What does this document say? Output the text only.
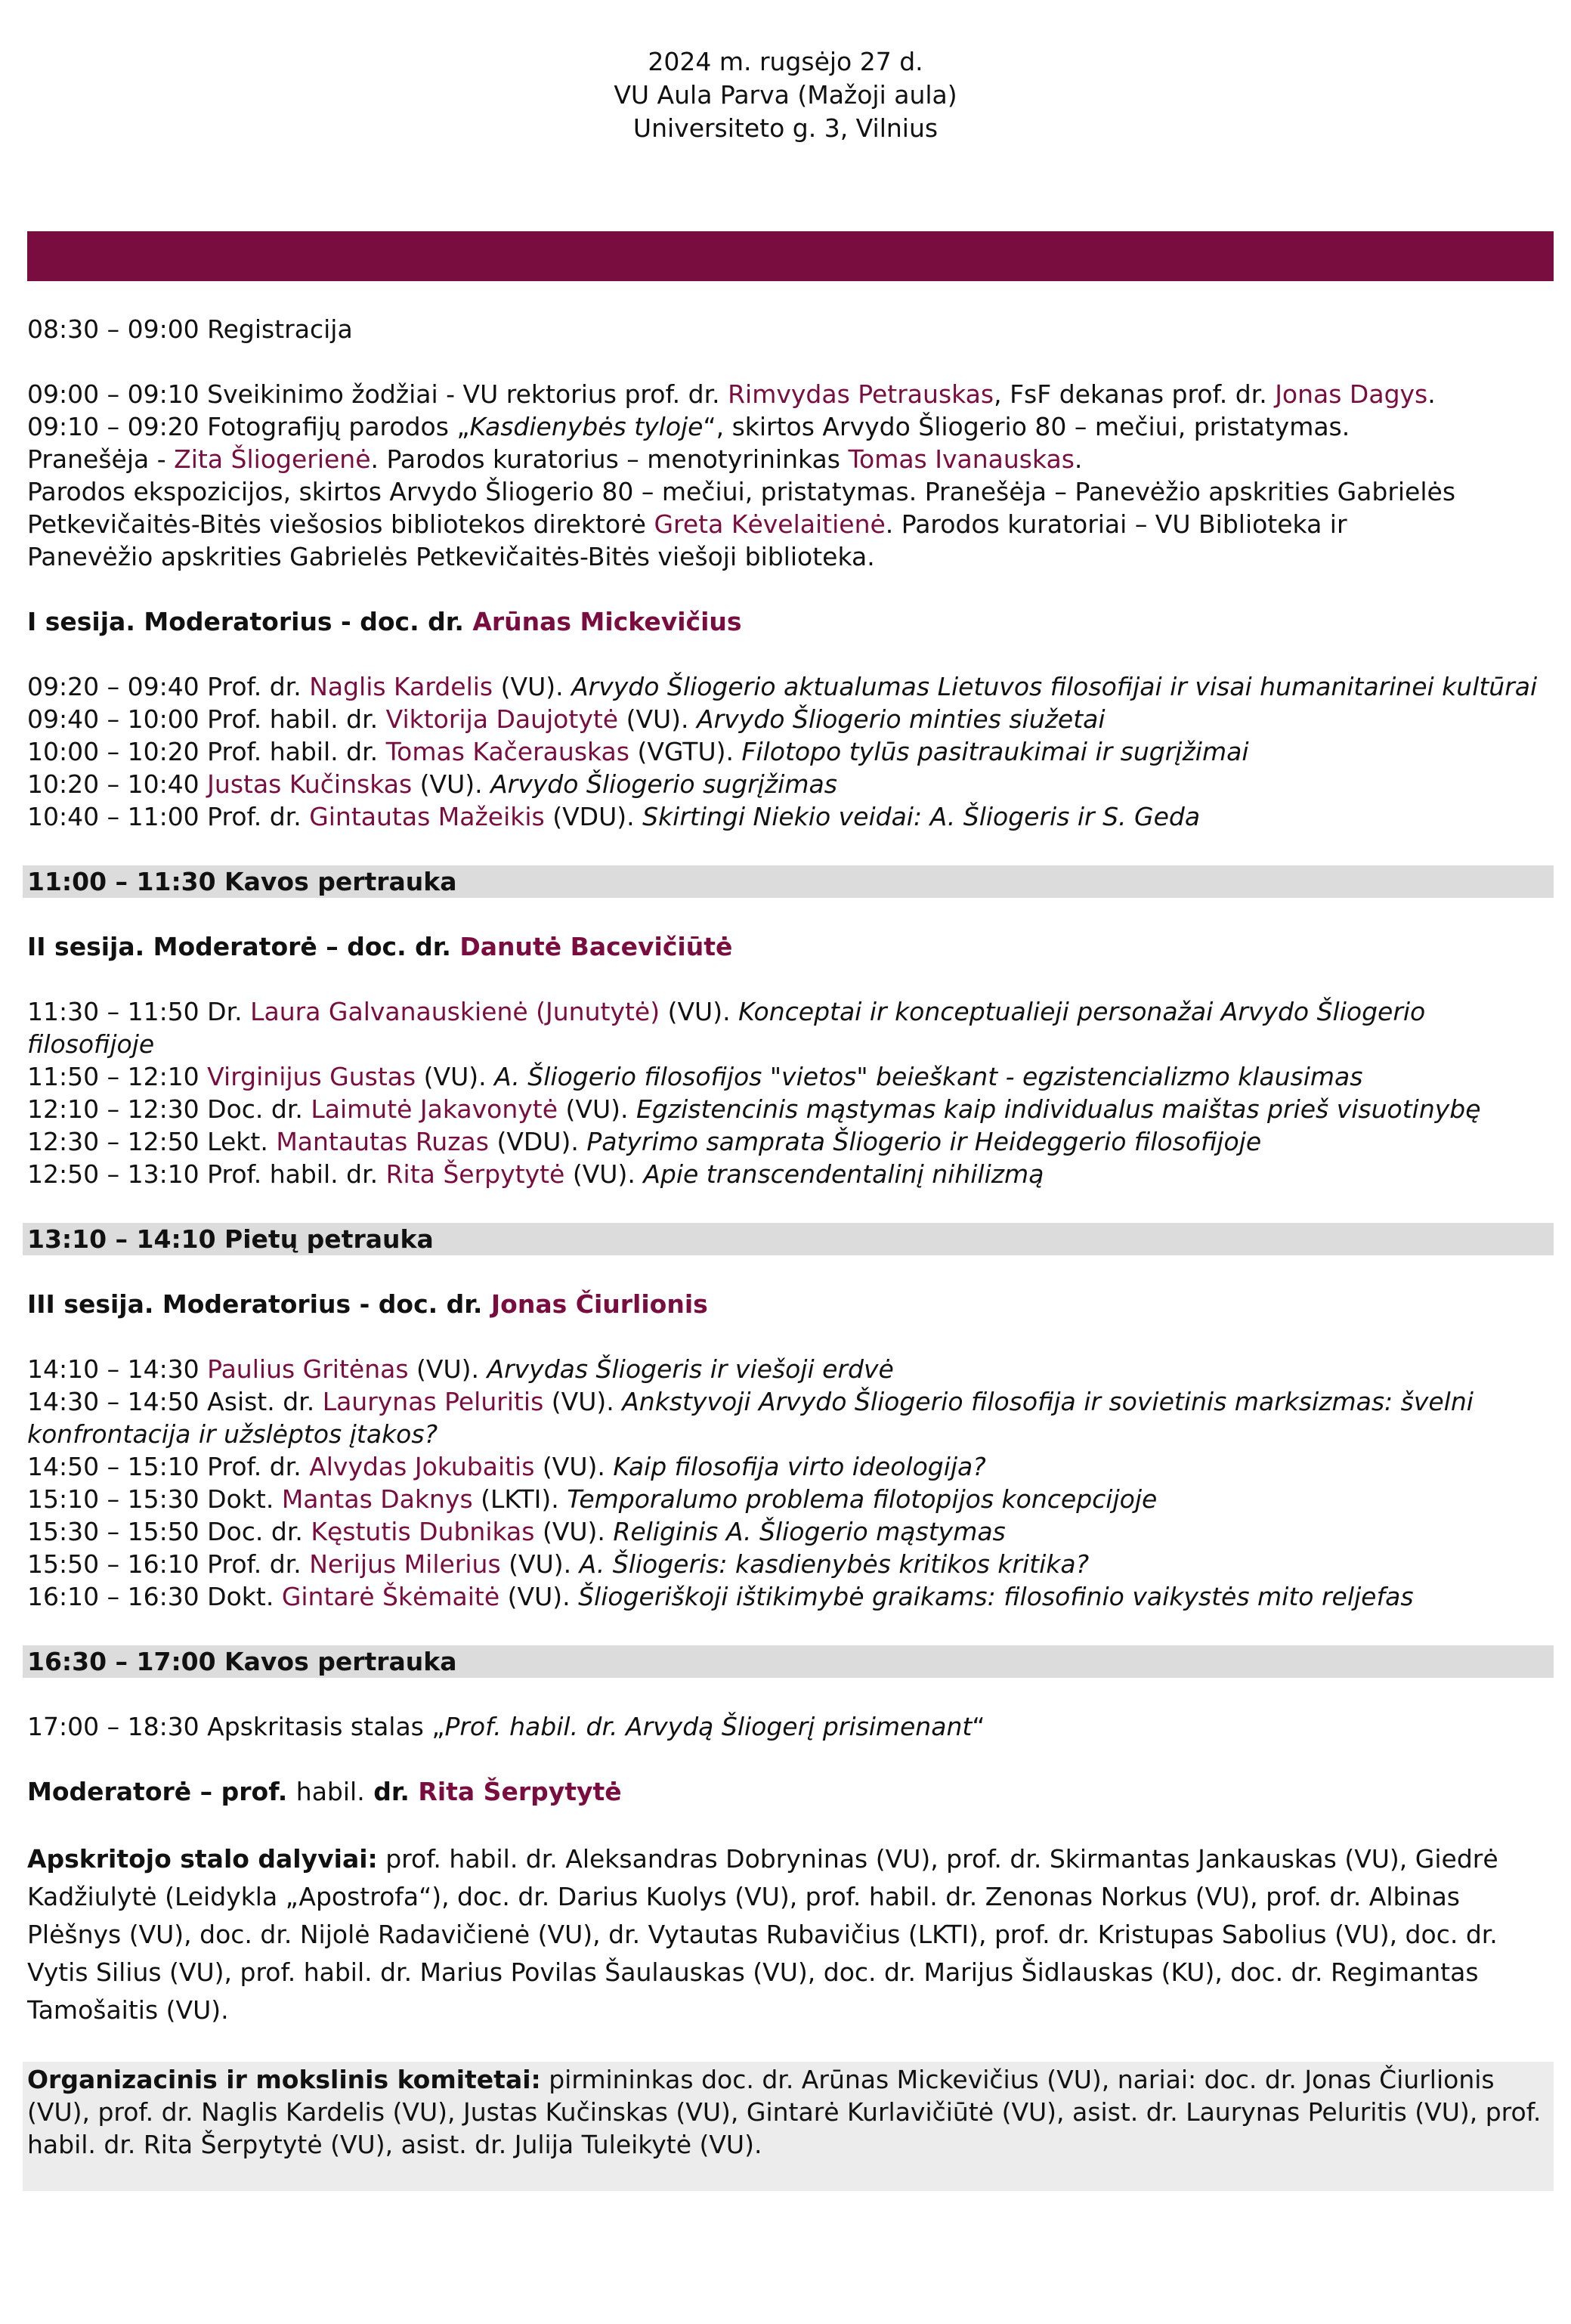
2024 m. rugsėjo 27 d.
VU Aula Parva (Mažoji aula)
Universiteto g. 3, Vilnius

08:30 – 09:00 Registracija

09:00 – 09:10 Sveikinimo žodžiai - VU rektorius prof. dr. Rimvydas Petrauskas, FsF dekanas prof. dr. Jonas Dagys.

09:10 – 09:20 Fotografijų parodos „Kasdienybės tyloje“, skirtos Arvydo Šliogerio 80 – mečiui, pristatymas.

Pranešėja - Zita Šliogerienė. Parodos kuratorius – menotyrininkas Tomas Ivanauskas.

Parodos ekspozicijos, skirtos Arvydo Šliogerio 80 – mečiui, pristatymas. Pranešėja – Panevėžio apskrities Gabrielės

Petkevičaitės-Bitės viešosios bibliotekos direktorė Greta Kėvelaitienė. Parodos kuratoriai – VU Biblioteka ir

Panevėžio apskrities Gabrielės Petkevičaitės-Bitės viešoji biblioteka.

I sesija. Moderatorius - doc. dr. Arūnas Mickevičius

09:20 – 09:40 Prof. dr. Naglis Kardelis (VU). Arvydo Šliogerio aktualumas Lietuvos filosofijai ir visai humanitarinei kultūrai

09:40 – 10:00 Prof. habil. dr. Viktorija Daujotytė (VU). Arvydo Šliogerio minties siužetai

10:00 – 10:20 Prof. habil. dr. Tomas Kačerauskas (VGTU). Filotopo tylūs pasitraukimai ir sugrįžimai

10:20 – 10:40 Justas Kučinskas (VU). Arvydo Šliogerio sugrįžimas

10:40 – 11:00 Prof. dr. Gintautas Mažeikis (VDU). Skirtingi Niekio veidai: A. Šliogeris ir S. Geda

11:00 – 11:30 Kavos pertrauka

II sesija. Moderatorė – doc. dr. Danutė Bacevičiūtė

11:30 – 11:50 Dr. Laura Galvanauskienė (Junutytė) (VU). Konceptai ir konceptualieji personažai Arvydo Šliogerio filosofijoje

11:50 – 12:10 Virginijus Gustas (VU). A. Šliogerio filosofijos "vietos" beieškant - egzistencializmo klausimas

12:10 – 12:30 Doc. dr. Laimutė Jakavonytė (VU). Egzistencinis mąstymas kaip individualus maištas prieš visuotinybę

12:30 – 12:50 Lekt. Mantautas Ruzas (VDU). Patyrimo samprata Šliogerio ir Heideggerio filosofijoje

12:50 – 13:10 Prof. habil. dr. Rita Šerpytytė (VU). Apie transcendentalinį nihilizmą

13:10 – 14:10 Pietų petrauka

III sesija. Moderatorius - doc. dr. Jonas Čiurlionis

14:10 – 14:30 Paulius Gritėnas (VU). Arvydas Šliogeris ir viešoji erdvė

14:30 – 14:50 Asist. dr. Laurynas Peluritis (VU). Ankstyvoji Arvydo Šliogerio filosofija ir sovietinis marksizmas: švelni konfrontacija ir užslėptos įtakos?

14:50 – 15:10 Prof. dr. Alvydas Jokubaitis (VU). Kaip filosofija virto ideologija?

15:10 – 15:30 Dokt. Mantas Daknys (LKTI). Temporalumo problema filotopijos koncepcijoje

15:30 – 15:50 Doc. dr. Kęstutis Dubnikas (VU). Religinis A. Šliogerio mąstymas

15:50 – 16:10 Prof. dr. Nerijus Milerius (VU). A. Šliogeris: kasdienybės kritikos kritika?

16:10 – 16:30 Dokt. Gintarė Škėmaitė (VU). Šliogeriškoji ištikimybė graikams: filosofinio vaikystės mito reljefas

16:30 – 17:00 Kavos pertrauka

17:00 – 18:30 Apskritasis stalas „Prof. habil. dr. Arvydą Šliogerį prisimenant“

Moderatorė – prof. habil. dr. Rita Šerpytytė

Apskritojo stalo dalyviai: prof. habil. dr. Aleksandras Dobryninas (VU), prof. dr. Skirmantas Jankauskas (VU), Giedrė Kadžiulytė (Leidykla „Apostrofa“), doc. dr. Darius Kuolys (VU), prof. habil. dr. Zenonas Norkus (VU), prof. dr. Albinas Plėšnys (VU), doc. dr. Nijolė Radavičienė (VU), dr. Vytautas Rubavičius (LKTI), prof. dr. Kristupas Sabolius (VU), doc. dr. Vytis Silius (VU), prof. habil. dr. Marius Povilas Šaulauskas (VU), doc. dr. Marijus Šidlauskas (KU), doc. dr. Regimantas Tamošaitis (VU).

Organizacinis ir mokslinis komitetai: pirmininkas doc. dr. Arūnas Mickevičius (VU), nariai: doc. dr. Jonas Čiurlionis (VU), prof. dr. Naglis Kardelis (VU), Justas Kučinskas (VU), Gintarė Kurlavičiūtė (VU), asist. dr. Laurynas Peluritis (VU), prof. habil. dr. Rita Šerpytytė (VU), asist. dr. Julija Tuleikytė (VU).
